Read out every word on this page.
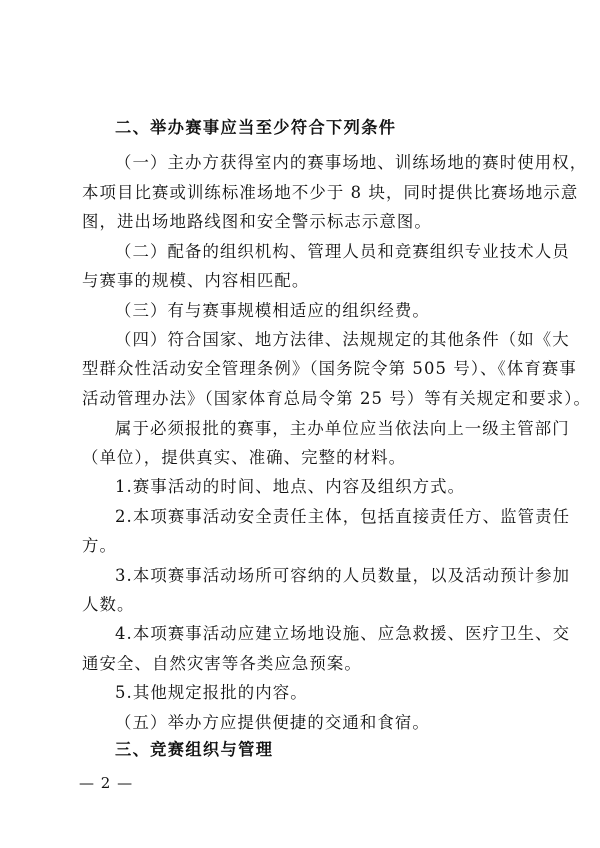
二、举办赛事应当至少符合下列条件
（一）主办方获得室内的赛事场地、训练场地的赛时使用权，
本项目比赛或训练标准场地不少于 8 块，同时提供比赛场地示意
图，进出场地路线图和安全警示标志示意图。
（二）配备的组织机构、管理人员和竞赛组织专业技术人员
与赛事的规模、内容相匹配。
（三）有与赛事规模相适应的组织经费。
（四）符合国家、地方法律、法规规定的其他条件（如《大
型群众性活动安全管理条例》（国务院令第 505 号）、《体育赛事
活动管理办法》（国家体育总局令第 25 号）等有关规定和要求）。
属于必须报批的赛事，主办单位应当依法向上一级主管部门
（单位），提供真实、准确、完整的材料。
1.赛事活动的时间、地点、内容及组织方式。
2.本项赛事活动安全责任主体，包括直接责任方、监管责任
方。
3.本项赛事活动场所可容纳的人员数量，以及活动预计参加
人数。
4.本项赛事活动应建立场地设施、应急救援、医疗卫生、交
通安全、自然灾害等各类应急预案。
5.其他规定报批的内容。
（五）举办方应提供便捷的交通和食宿。
三、竞赛组织与管理
— 2 —
